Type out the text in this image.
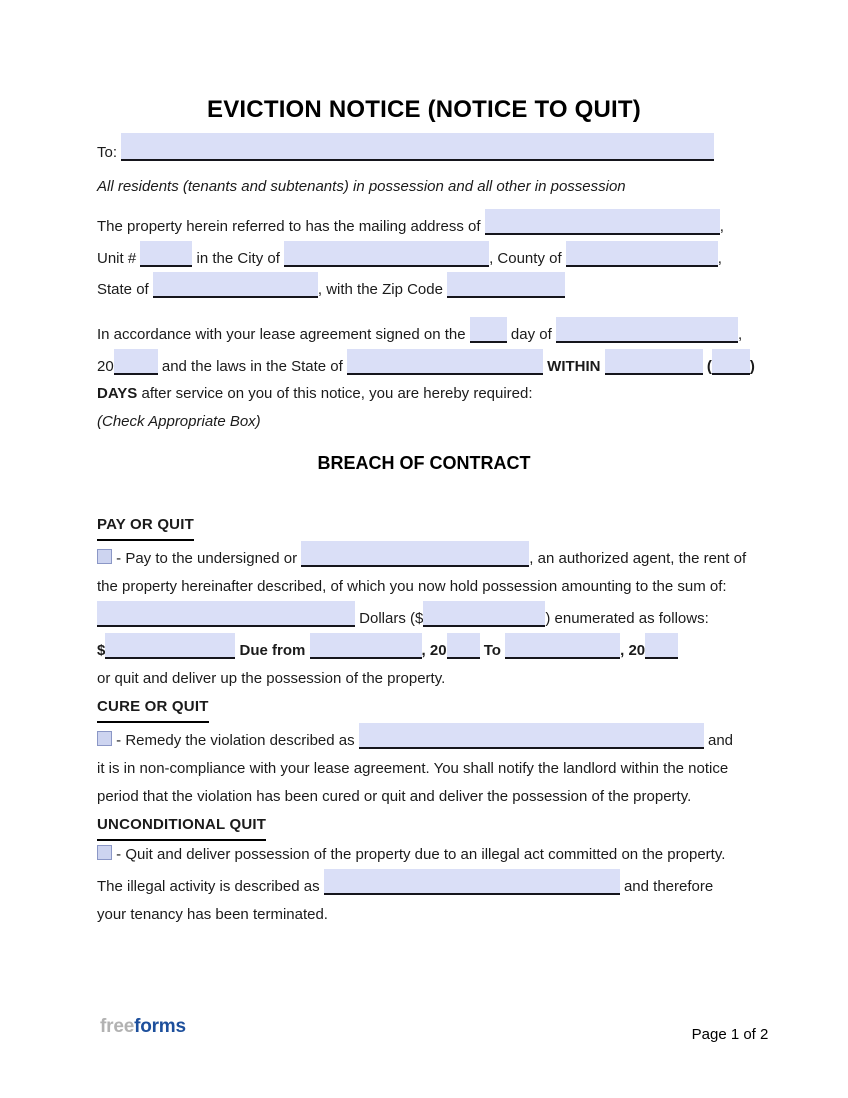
EVICTION NOTICE (NOTICE TO QUIT)
To:
All residents (tenants and subtenants) in possession and all other in possession
The property herein referred to has the mailing address of	,
Unit #	in the City of	, County of	,
State of	, with the Zip Code
In accordance with your lease agreement signed on the	day of	,
20	and the laws in the State of	WITHIN	(	)
DAYS after service on you of this notice, you are hereby required:
(Check Appropriate Box)
BREACH OF CONTRACT
PAY OR QUIT
- Pay to the undersigned or	, an authorized agent, the rent of
the property hereinafter described, of which you now hold possession amounting to the sum of:
Dollars ($	) enumerated as follows:
$	Due from	, 20 To	, 20
or quit and deliver up the possession of the property.
CURE OR QUIT
- Remedy the violation described as	and
it is in non-compliance with your lease agreement. You shall notify the landlord within the notice
period that the violation has been cured or quit and deliver the possession of the property.
UNCONDITIONAL QUIT
- Quit and deliver possession of the property due to an illegal act committed on the property.
The illegal activity is described as	and therefore
your tenancy has been terminated.
freeforms	Page 1 of 2
